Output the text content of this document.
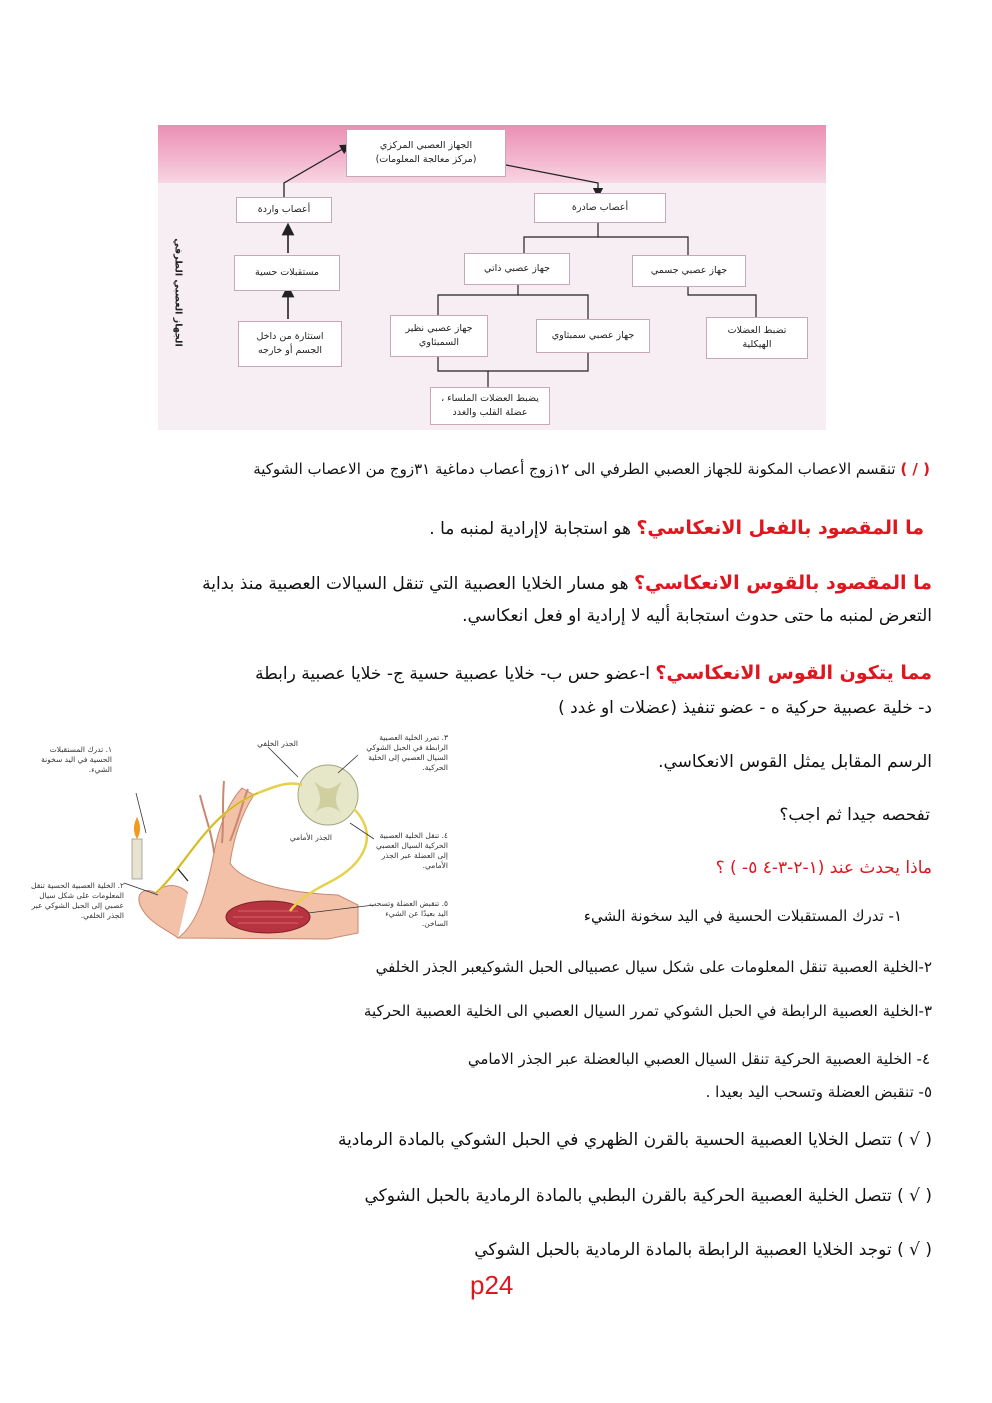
الجهاز العصبي المركزي
(مركز معالجة المعلومات)
أعصاب واردة	أعصاب صادرة
مستقبلات حسية	جهاز عصبي ذاتي	جهاز عصبي جسمي
استثارة من داخل
الجسم أو خارجه
جهاز عصبي نظير
السمبثاوي
جهاز عصبي سمبثاوي	تضبط العضلات
الهيكلية
يضبط العضلات الملساء ،
عضلة القلب والغدد
الجهاز العصبي الطرفي
( / ) تنقسم الاعصاب المكونة للجهاز العصبي الطرفي الى ١٢زوج أعصاب دماغية ٣١زوج من الاعصاب الشوكية
ما المقصود بالفعل الانعكاسي؟ هو استجابة لاإرادية لمنبه ما .
ما المقصود بالقوس الانعكاسي؟ هو مسار الخلايا العصبية التي تنقل السيالات العصبية منذ بداية
التعرض لمنبه ما حتى حدوث استجابة أليه لا إرادية او فعل انعكاسي.
مما يتكون القوس الانعكاسي؟ ا-عضو حس ب- خلايا عصبية حسية ج- خلايا عصبية رابطة
د- خلية عصبية حركية ه - عضو تنفيذ (عضلات او غدد )
الرسم المقابل يمثل القوس الانعكاسي.
تفحصه جيدا ثم اجب؟
ماذا يحدث عند (١-٢-٣-٤ ٥- ) ؟
١- تدرك المستقبلات الحسية في اليد سخونة الشيء
٢-الخلية العصبية تنقل المعلومات على شكل سيال عصبيالى الحبل الشوكيعبر الجذر الخلفي
٣-الخلية العصبية الرابطة في الحبل الشوكي تمرر السيال العصبي الى الخلية العصبية الحركية
٤- الخلية العصبية الحركية تنقل السيال العصبي البالعضلة عبر الجذر الامامي
٥- تنقبض العضلة وتسحب اليد بعيدا .
( √ ) تتصل الخلايا العصبية الحسية بالقرن الظهري في الحبل الشوكي بالمادة الرمادية
( √ ) تتصل الخلية العصبية الحركية بالقرن البطبي بالمادة الرمادية بالحبل الشوكي
( √ ) توجد الخلايا العصبية الرابطة بالمادة الرمادية بالحبل الشوكي
١. تدرك المستقبلات الحسية في اليد سخونة الشيء.
٢. الخلية العصبية الحسية تنقل المعلومات على شكل سيال عصبي إلى الحبل الشوكي عبر الجذر الخلفي.
٣. تمرر الخلية العصبية الرابطة في الحبل الشوكي السيال العصبي إلى الخلية الحركية.
٤. تنقل الخلية العصبية الحركية السيال العصبي إلى العضلة عبر الجذر الأمامي.
٥. تنقبض العضلة وتسحب اليد بعيدًا عن الشيء الساخن.
الجذر الخلفي
الجذر الأمامي
p24
